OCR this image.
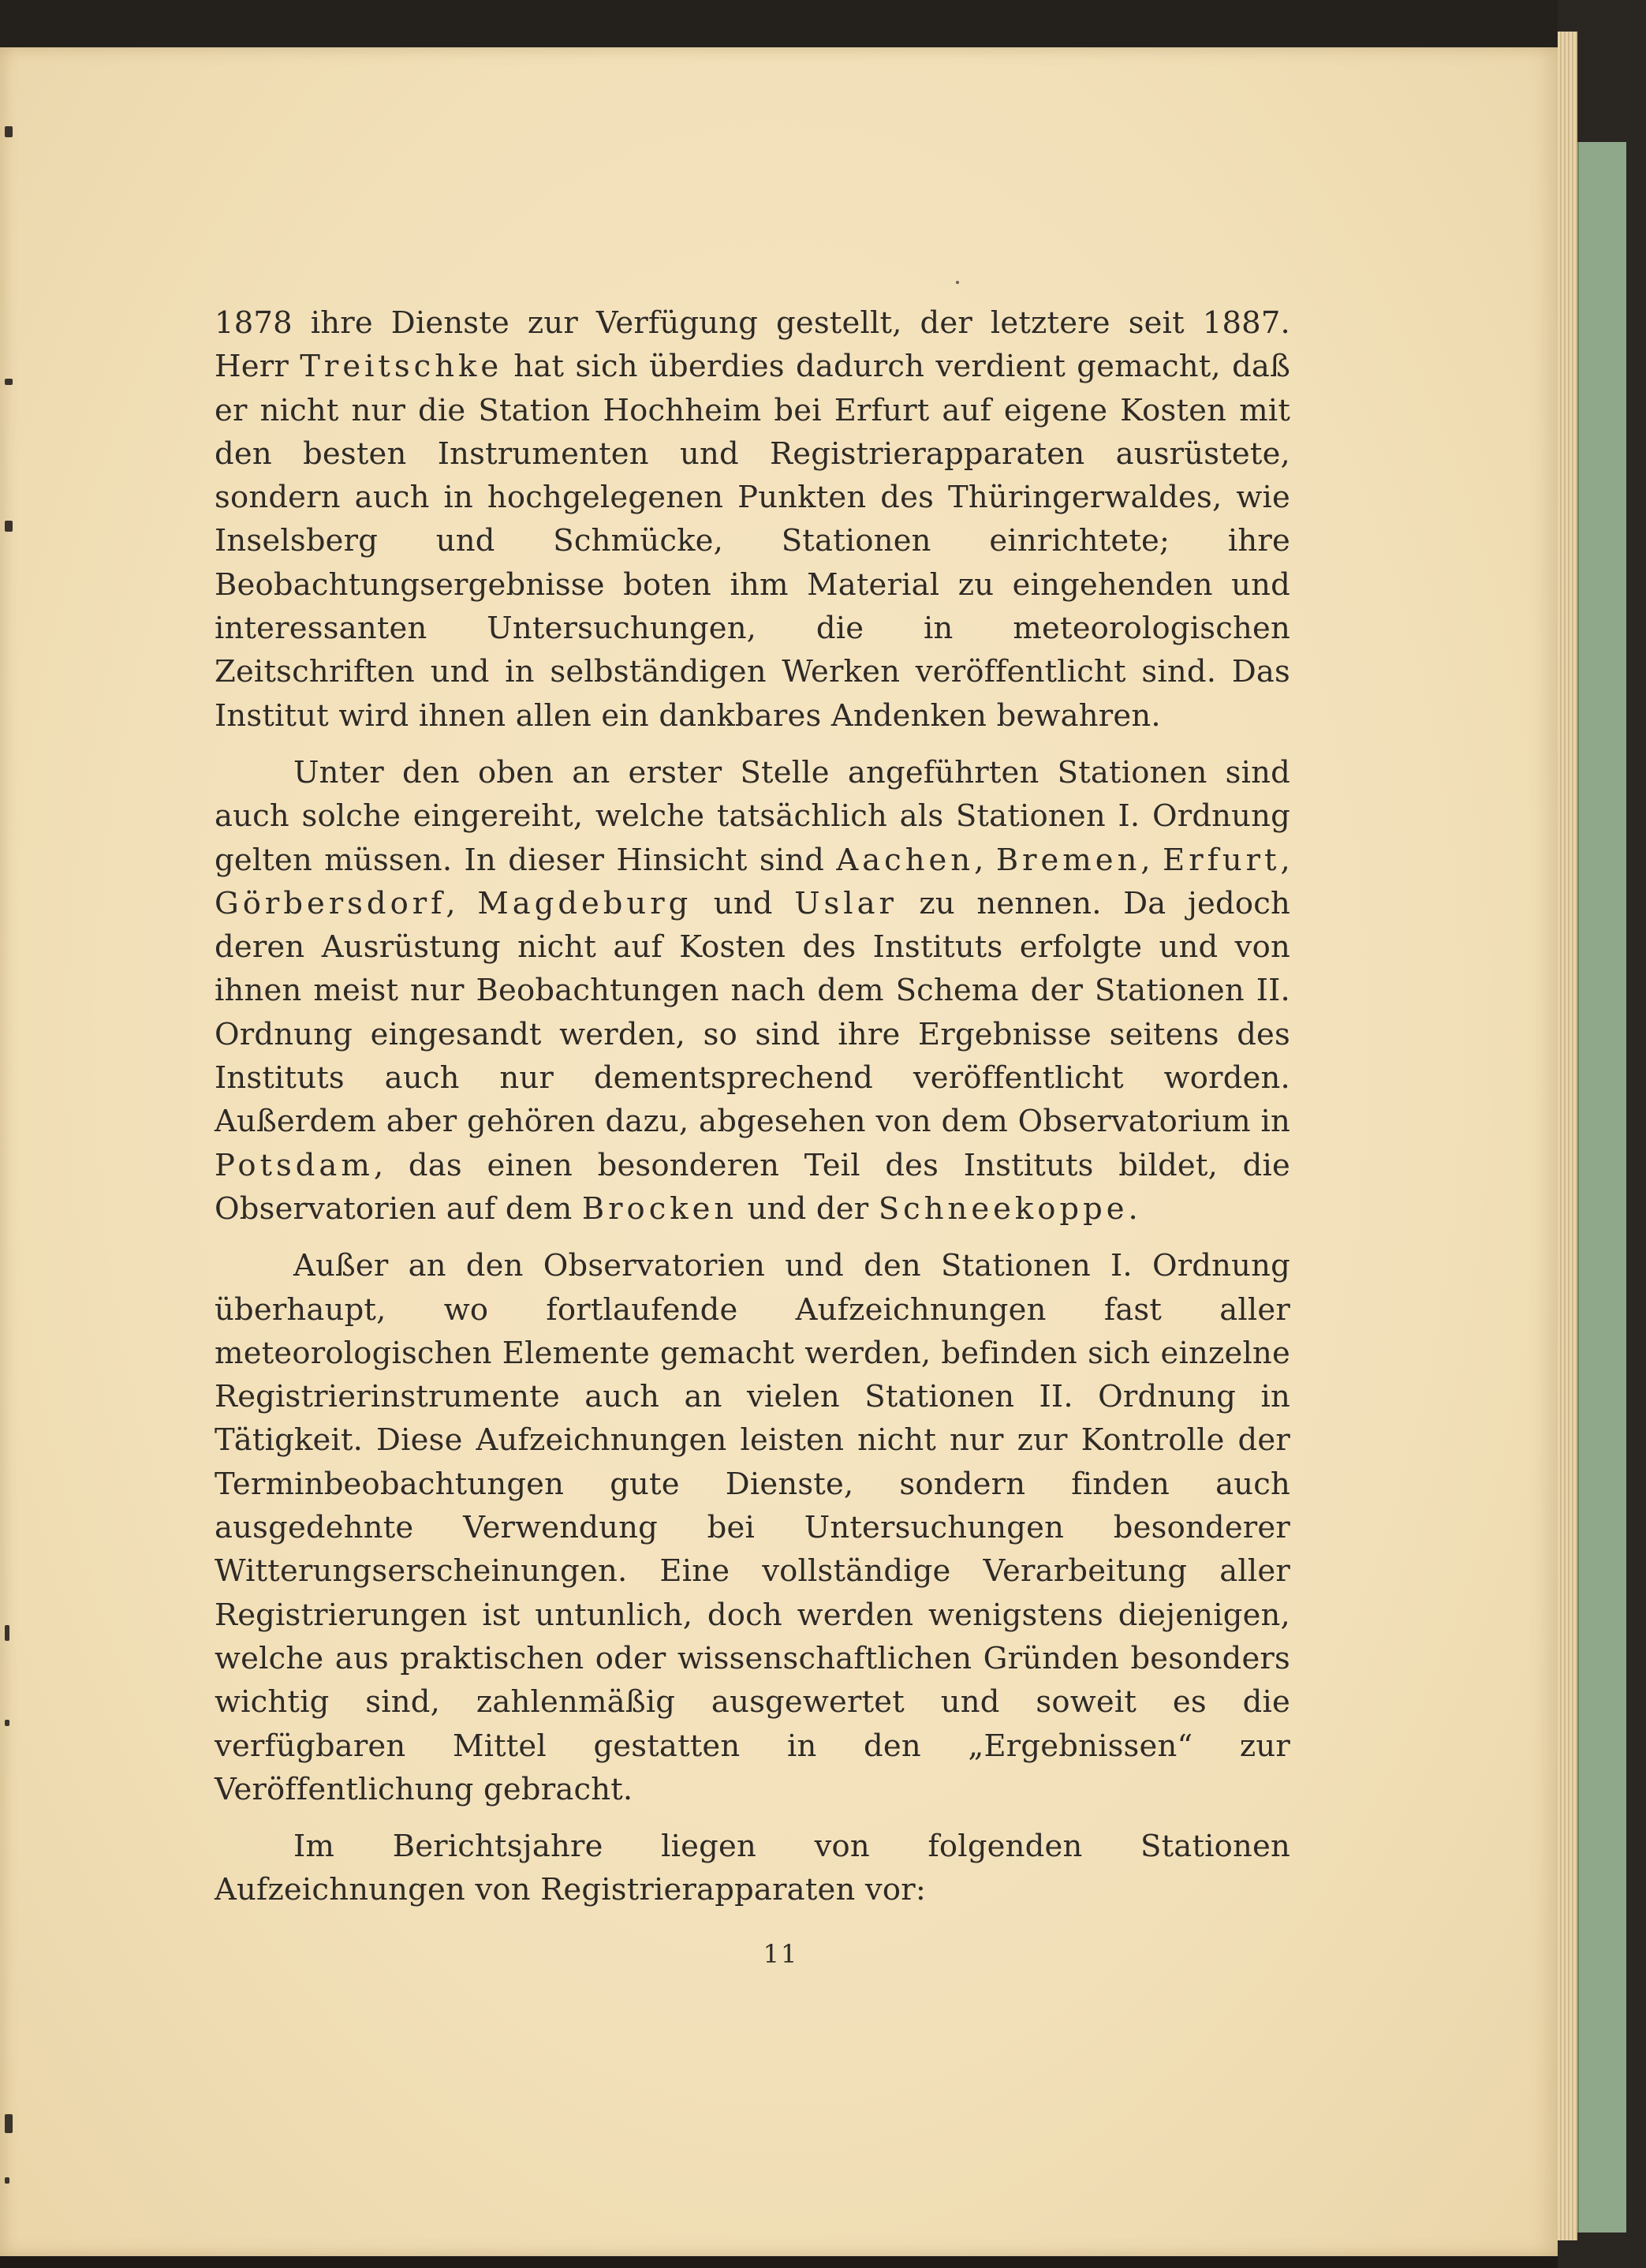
1878 ihre Dienste zur Verfügung gestellt, der letztere seit 1887. Herr Treitschke hat sich überdies dadurch verdient gemacht, daß er nicht nur die Station Hochheim bei Erfurt auf eigene Kosten mit den besten Instrumenten und Registrierapparaten ausrüstete, sondern auch in hochgelegenen Punkten des Thüringerwaldes, wie Inselsberg und Schmücke, Stationen einrichtete; ihre Beobachtungsergebnisse boten ihm Material zu eingehenden und interessanten Untersuchungen, die in meteorologischen Zeitschriften und in selbständigen Werken veröffentlicht sind. Das Institut wird ihnen allen ein dankbares Andenken bewahren.

Unter den oben an erster Stelle angeführten Stationen sind auch solche eingereiht, welche tatsächlich als Stationen I. Ordnung gelten müssen. In dieser Hinsicht sind Aachen, Bremen, Erfurt, Görbersdorf, Magdeburg und Uslar zu nennen. Da jedoch deren Ausrüstung nicht auf Kosten des Instituts erfolgte und von ihnen meist nur Beobachtungen nach dem Schema der Stationen II. Ordnung eingesandt werden, so sind ihre Ergebnisse seitens des Instituts auch nur dementsprechend veröffentlicht worden. Außerdem aber gehören dazu, abgesehen von dem Observatorium in Potsdam, das einen besonderen Teil des Instituts bildet, die Observatorien auf dem Brocken und der Schneekoppe.

Außer an den Observatorien und den Stationen I. Ordnung überhaupt, wo fortlaufende Aufzeichnungen fast aller meteorologischen Elemente gemacht werden, befinden sich einzelne Registrierinstrumente auch an vielen Stationen II. Ordnung in Tätigkeit. Diese Aufzeichnungen leisten nicht nur zur Kontrolle der Terminbeobachtungen gute Dienste, sondern finden auch ausgedehnte Verwendung bei Untersuchungen besonderer Witterungserscheinungen. Eine vollständige Verarbeitung aller Registrierungen ist untunlich, doch werden wenigstens diejenigen, welche aus praktischen oder wissenschaftlichen Gründen besonders wichtig sind, zahlenmäßig ausgewertet und soweit es die verfügbaren Mittel gestatten in den „Ergebnissen“ zur Veröffentlichung gebracht.

Im Berichtsjahre liegen von folgenden Stationen Aufzeichnungen von Registrierapparaten vor:

11
